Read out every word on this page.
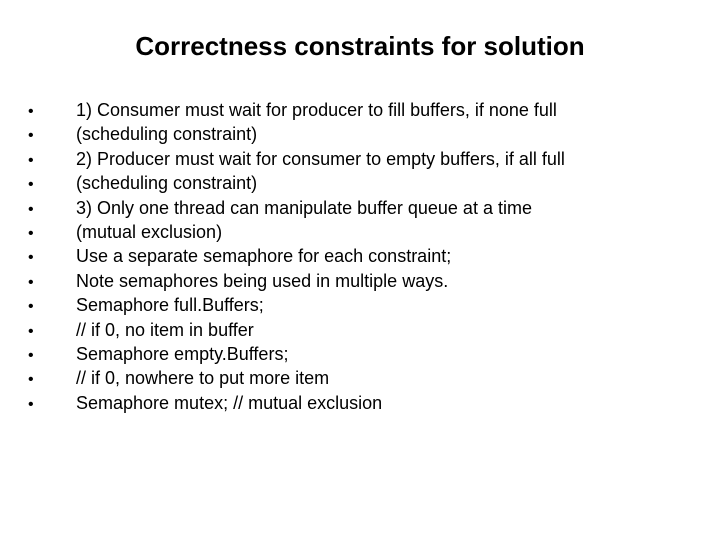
Correctness constraints for solution
•	1) Consumer must wait for producer to fill buffers, if none full
•	(scheduling constraint)
•	2) Producer must wait for consumer to empty buffers, if all full
•	(scheduling constraint)
•	3) Only one thread can manipulate buffer queue at a time
•	(mutual exclusion)
•	Use a separate semaphore for each constraint;
•	Note semaphores being used in multiple ways.
•	Semaphore full.Buffers;
•	// if 0, no item in buffer
•	Semaphore empty.Buffers;
•	// if 0, nowhere to put more item
•	Semaphore mutex; // mutual exclusion
